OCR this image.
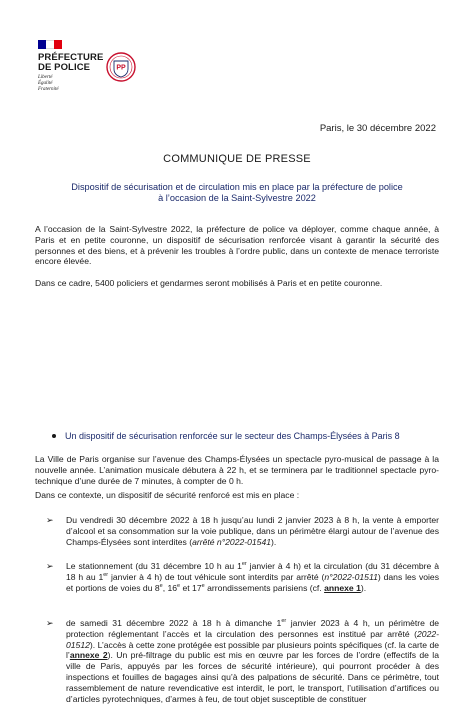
PRÉFECTURE
DE POLICE
Liberté
Égalité
Fraternité
PP
Paris, le 30 décembre 2022
COMMUNIQUE DE PRESSE
Dispositif de sécurisation et de circulation mis en place par la préfecture de police
à l’occasion de la Saint-Sylvestre 2022
A l’occasion de la Saint-Sylvestre 2022, la préfecture de police va déployer, comme chaque année, à Paris et en petite couronne, un dispositif de sécurisation renforcée visant à garantir la sécurité des personnes et des biens, et à prévenir les troubles à l’ordre public, dans un contexte de menace terroriste encore élevée.
Dans ce cadre, 5400 policiers et gendarmes seront mobilisés à Paris et en petite couronne.
Un dispositif de sécurisation renforcée sur le secteur des Champs-Élysées à Paris 8
La Ville de Paris organise sur l’avenue des Champs-Élysées un spectacle pyro-musical de passage à la nouvelle année. L’animation musicale débutera à 22 h, et se terminera par le traditionnel spectacle pyro-technique d’une durée de 7 minutes, à compter de 0 h.
Dans ce contexte, un dispositif de sécurité renforcé est mis en place :
➢ Du vendredi 30 décembre 2022 à 18 h jusqu’au lundi 2 janvier 2023 à 8 h, la vente à emporter d’alcool et sa consommation sur la voie publique, dans un périmètre élargi autour de l’avenue des Champs-Élysées sont interdites (arrêté n°2022-01541).
➢ Le stationnement (du 31 décembre 10 h au 1er janvier à 4 h) et la circulation (du 31 décembre à 18 h au 1er janvier à 4 h) de tout véhicule sont interdits par arrêté (n°2022-01511) dans les voies et portions de voies du 8e, 16e et 17e arrondissements parisiens (cf. annexe 1).
➢ de samedi 31 décembre 2022 à 18 h à dimanche 1er janvier 2023 à 4 h, un périmètre de protection réglementant l’accès et la circulation des personnes est institué par arrêté (2022-01512). L’accès à cette zone protégée est possible par plusieurs points spécifiques (cf. la carte de l’annexe 2). Un pré-filtrage du public est mis en œuvre par les forces de l’ordre (effectifs de la ville de Paris, appuyés par les forces de sécurité intérieure), qui pourront procéder à des inspections et fouilles de bagages ainsi qu’à des palpations de sécurité. Dans ce périmètre, tout rassemblement de nature revendicative est interdit, le port, le transport, l’utilisation d’artifices ou d’articles pyrotechniques, d’armes à feu, de tout objet susceptible de constituer
